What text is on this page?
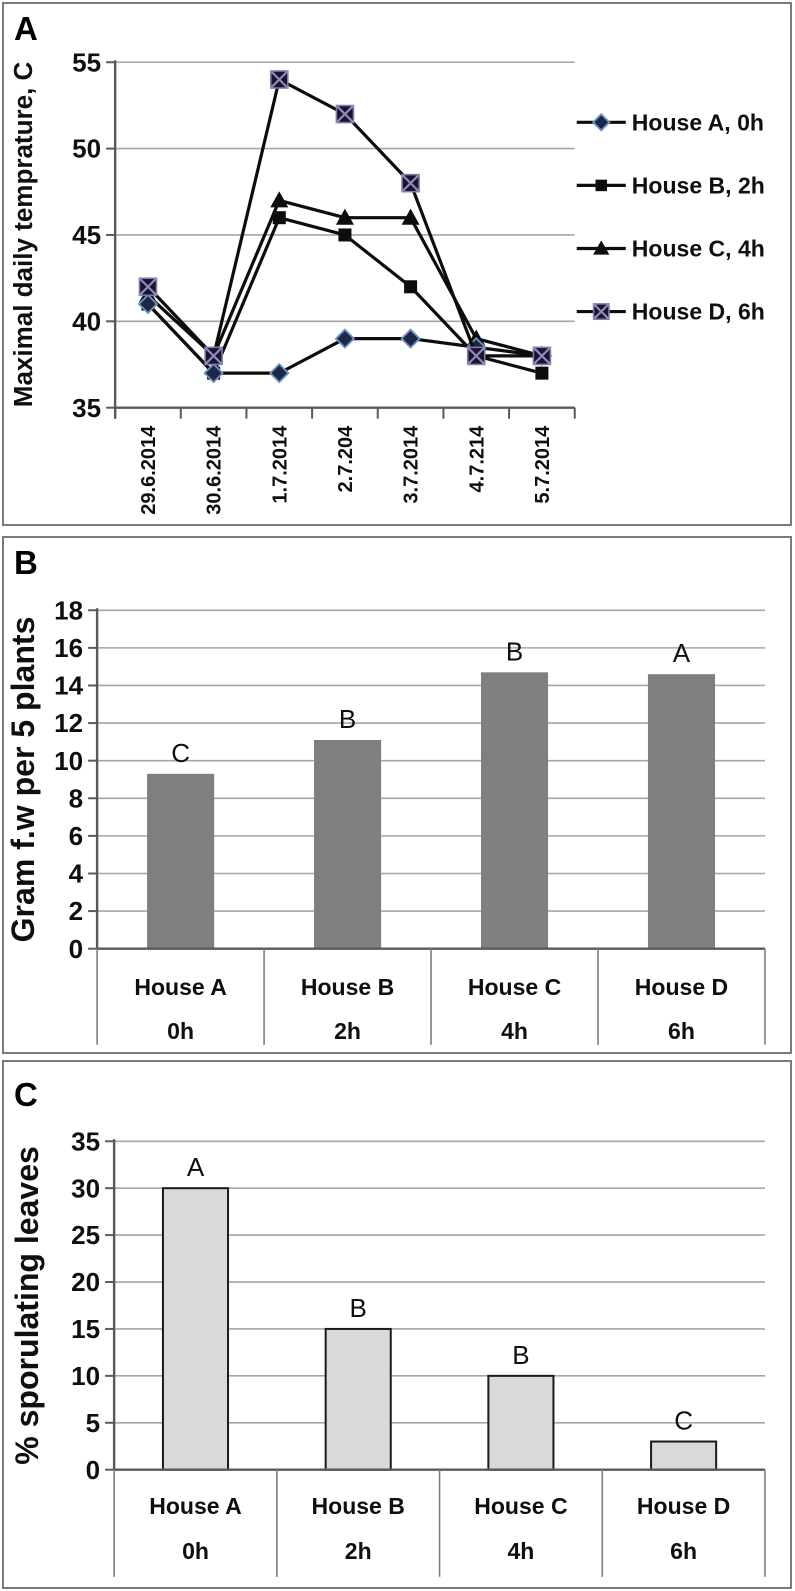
A
35
40
45
50
55
29.6.2014 30.6.2014 1.7.2014 2.7.204 3.7.2014 4.7.214 5.7.2014
Maximal daily temprature, C	House A, 0h
House B, 2h
House C, 4h
House D, 6h
B
0
2
4
6
8
10
12
14
16
18
C
B
B	A
House A
0h
House B
2h
House C
4h
House D
6h
Gram f.w per 5 plants
C
0
5
10
15
20
25
30
35
A
B
B
C
House A
0h
House B
2h
House C
4h
House D
6h
% sporulating leaves
